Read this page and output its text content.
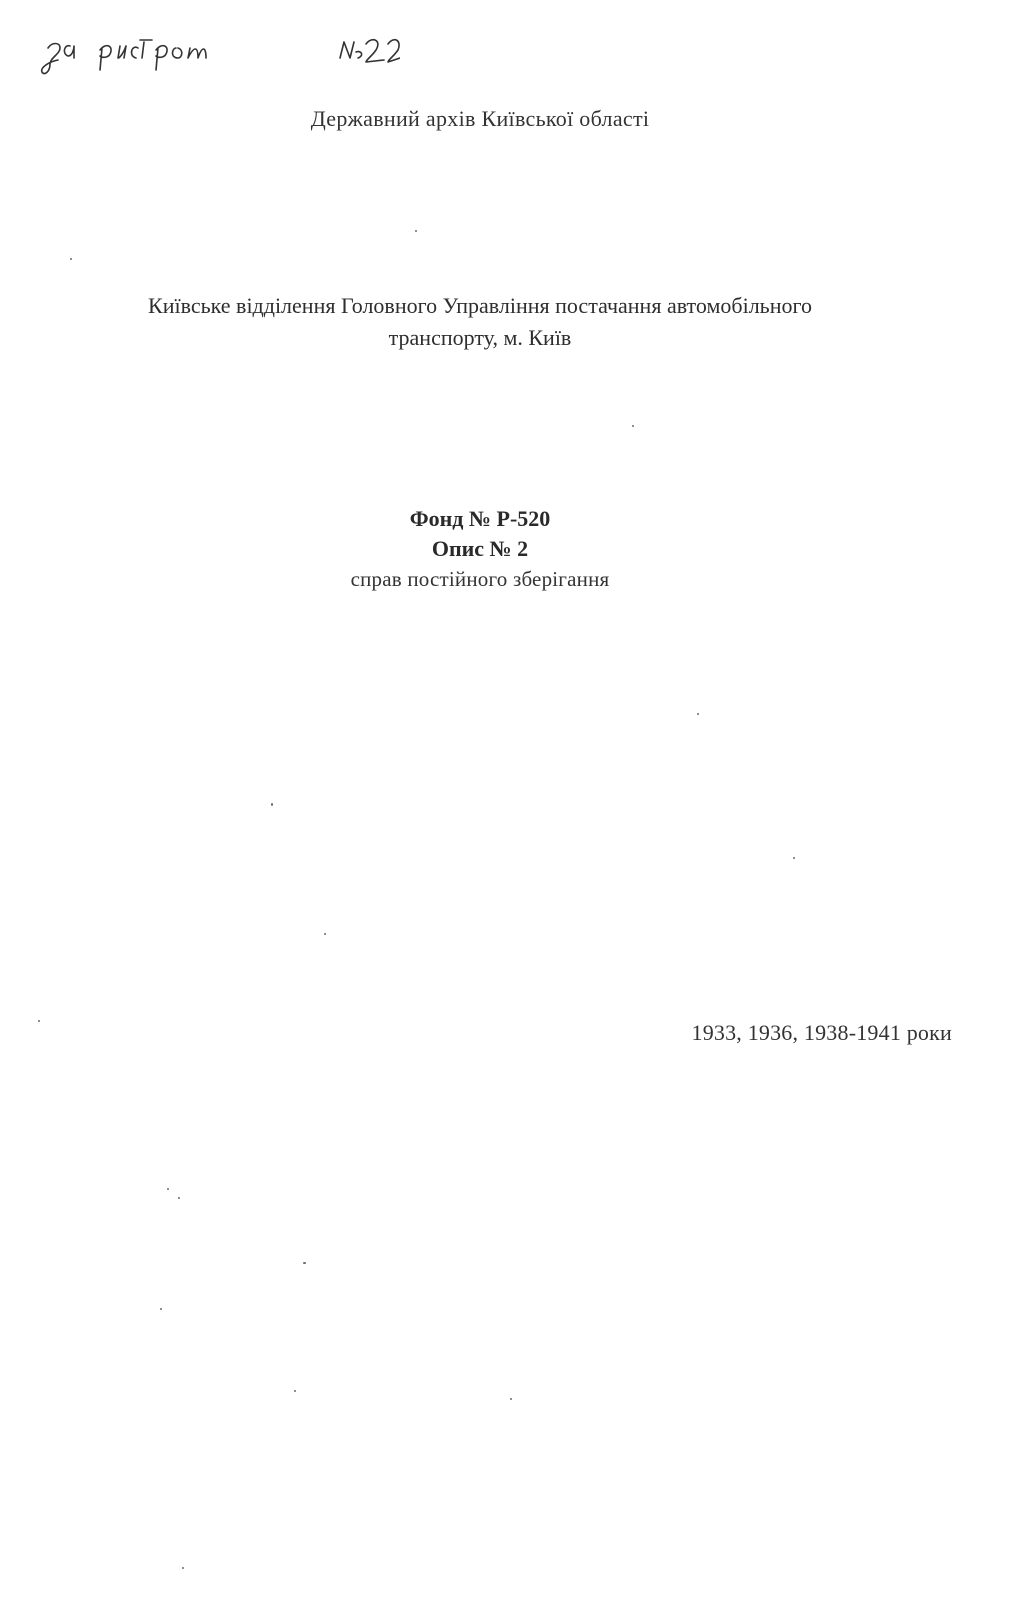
Державний архів Київської області
Київське відділення Головного Управління постачання автомобільного
транспорту, м. Київ
Фонд № Р-520
Опис № 2
справ постійного зберігання
1933, 1936, 1938-1941 роки
